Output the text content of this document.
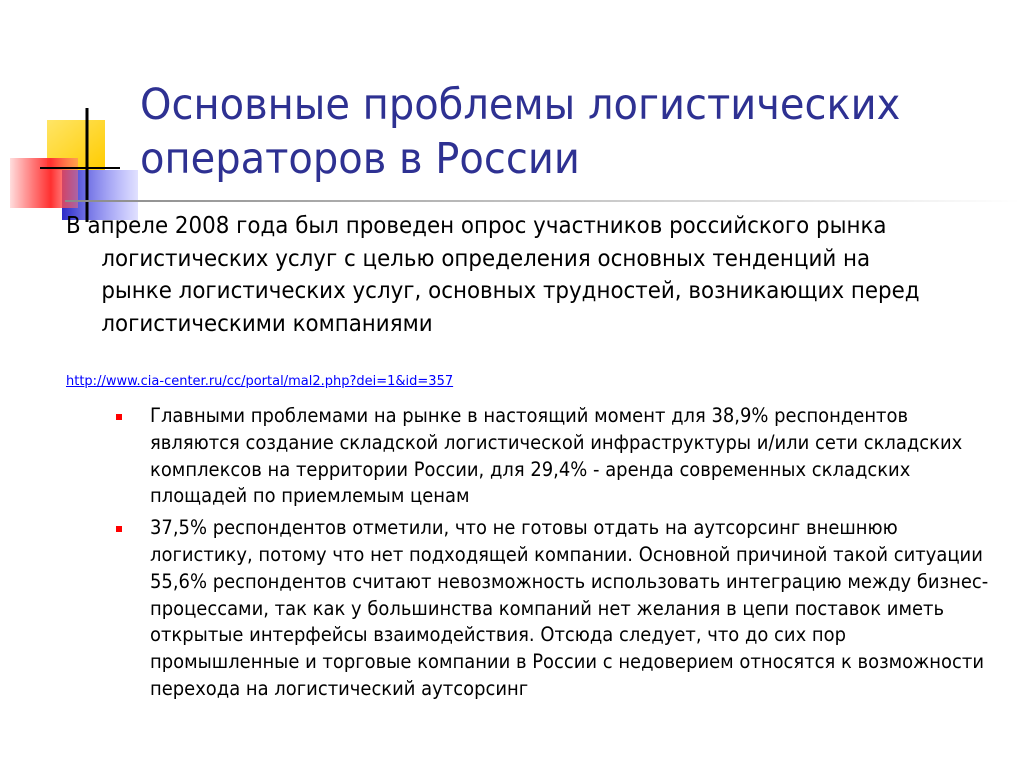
Основные проблемы логистических
операторов в России

В апреле 2008 года был проведен опрос участников российского рынка логистических услуг с целью определения основных тенденций на рынке логистических услуг, основных трудностей, возникающих перед логистическими компаниями

http://www.cia-center.ru/cc/portal/mal2.php?dei=1&id=357
Главными проблемами на рынке в настоящий момент для 38,9% респондентов являются создание складской логистической инфраструктуры и/или сети складских комплексов на территории России, для 29,4% - аренда современных складских площадей по приемлемым ценам
37,5% респондентов отметили, что не готовы отдать на аутсорсинг внешнюю логистику, потому что нет подходящей компании. Основной причиной такой ситуации 55,6% респондентов считают невозможность использовать интеграцию между бизнес-процессами, так как у большинства компаний нет желания в цепи поставок иметь открытые интерфейсы взаимодействия. Отсюда следует, что до сих пор промышленные и торговые компании в России с недоверием относятся к возможности перехода на логистический аутсорсинг
